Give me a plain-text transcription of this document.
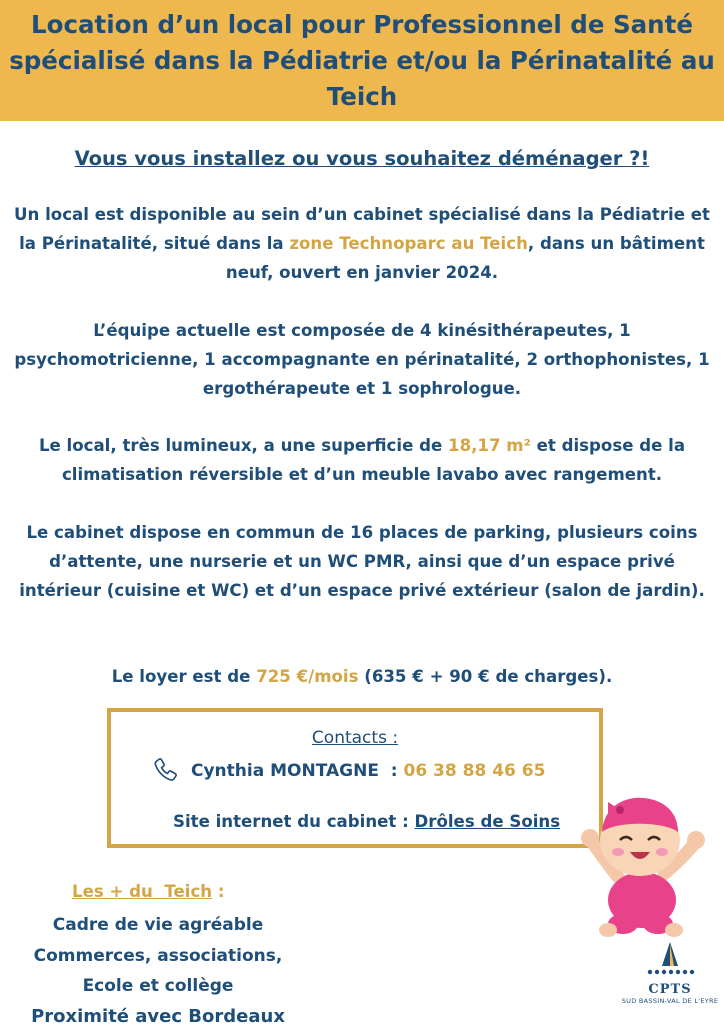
Location d’un local pour Professionnel de Santé spécialisé dans la Pédiatrie et/ou la Périnatalité au Teich
Vous vous installez ou vous souhaitez déménager ?!

Un local est disponible au sein d’un cabinet spécialisé dans la Pédiatrie et la Périnatalité, situé dans la zone Technoparc au Teich, dans un bâtiment neuf, ouvert en janvier 2024.

L’équipe actuelle est composée de 4 kinésithérapeutes, 1 psychomotricienne, 1 accompagnante en périnatalité, 2 orthophonistes, 1 ergothérapeute et 1 sophrologue.

Le local, très lumineux, a une superficie de 18,17 m² et dispose de la climatisation réversible et d’un meuble lavabo avec rangement.

Le cabinet dispose en commun de 16 places de parking, plusieurs coins d’attente, une nurserie et un WC PMR, ainsi que d’un espace privé intérieur (cuisine et WC) et d’un espace privé extérieur (salon de jardin).

Le loyer est de 725 €/mois (635 € + 90 € de charges).

Contacts :
Cynthia MONTAGNE  : 06 38 88 46 65
Site internet du cabinet : Drôles de Soins
Les + du  Teich :
Cadre de vie agréable
Commerces, associations,
Ecole et collège
Proximité avec Bordeaux
CPTS
SUD BASSIN-VAL DE L'EYRE
